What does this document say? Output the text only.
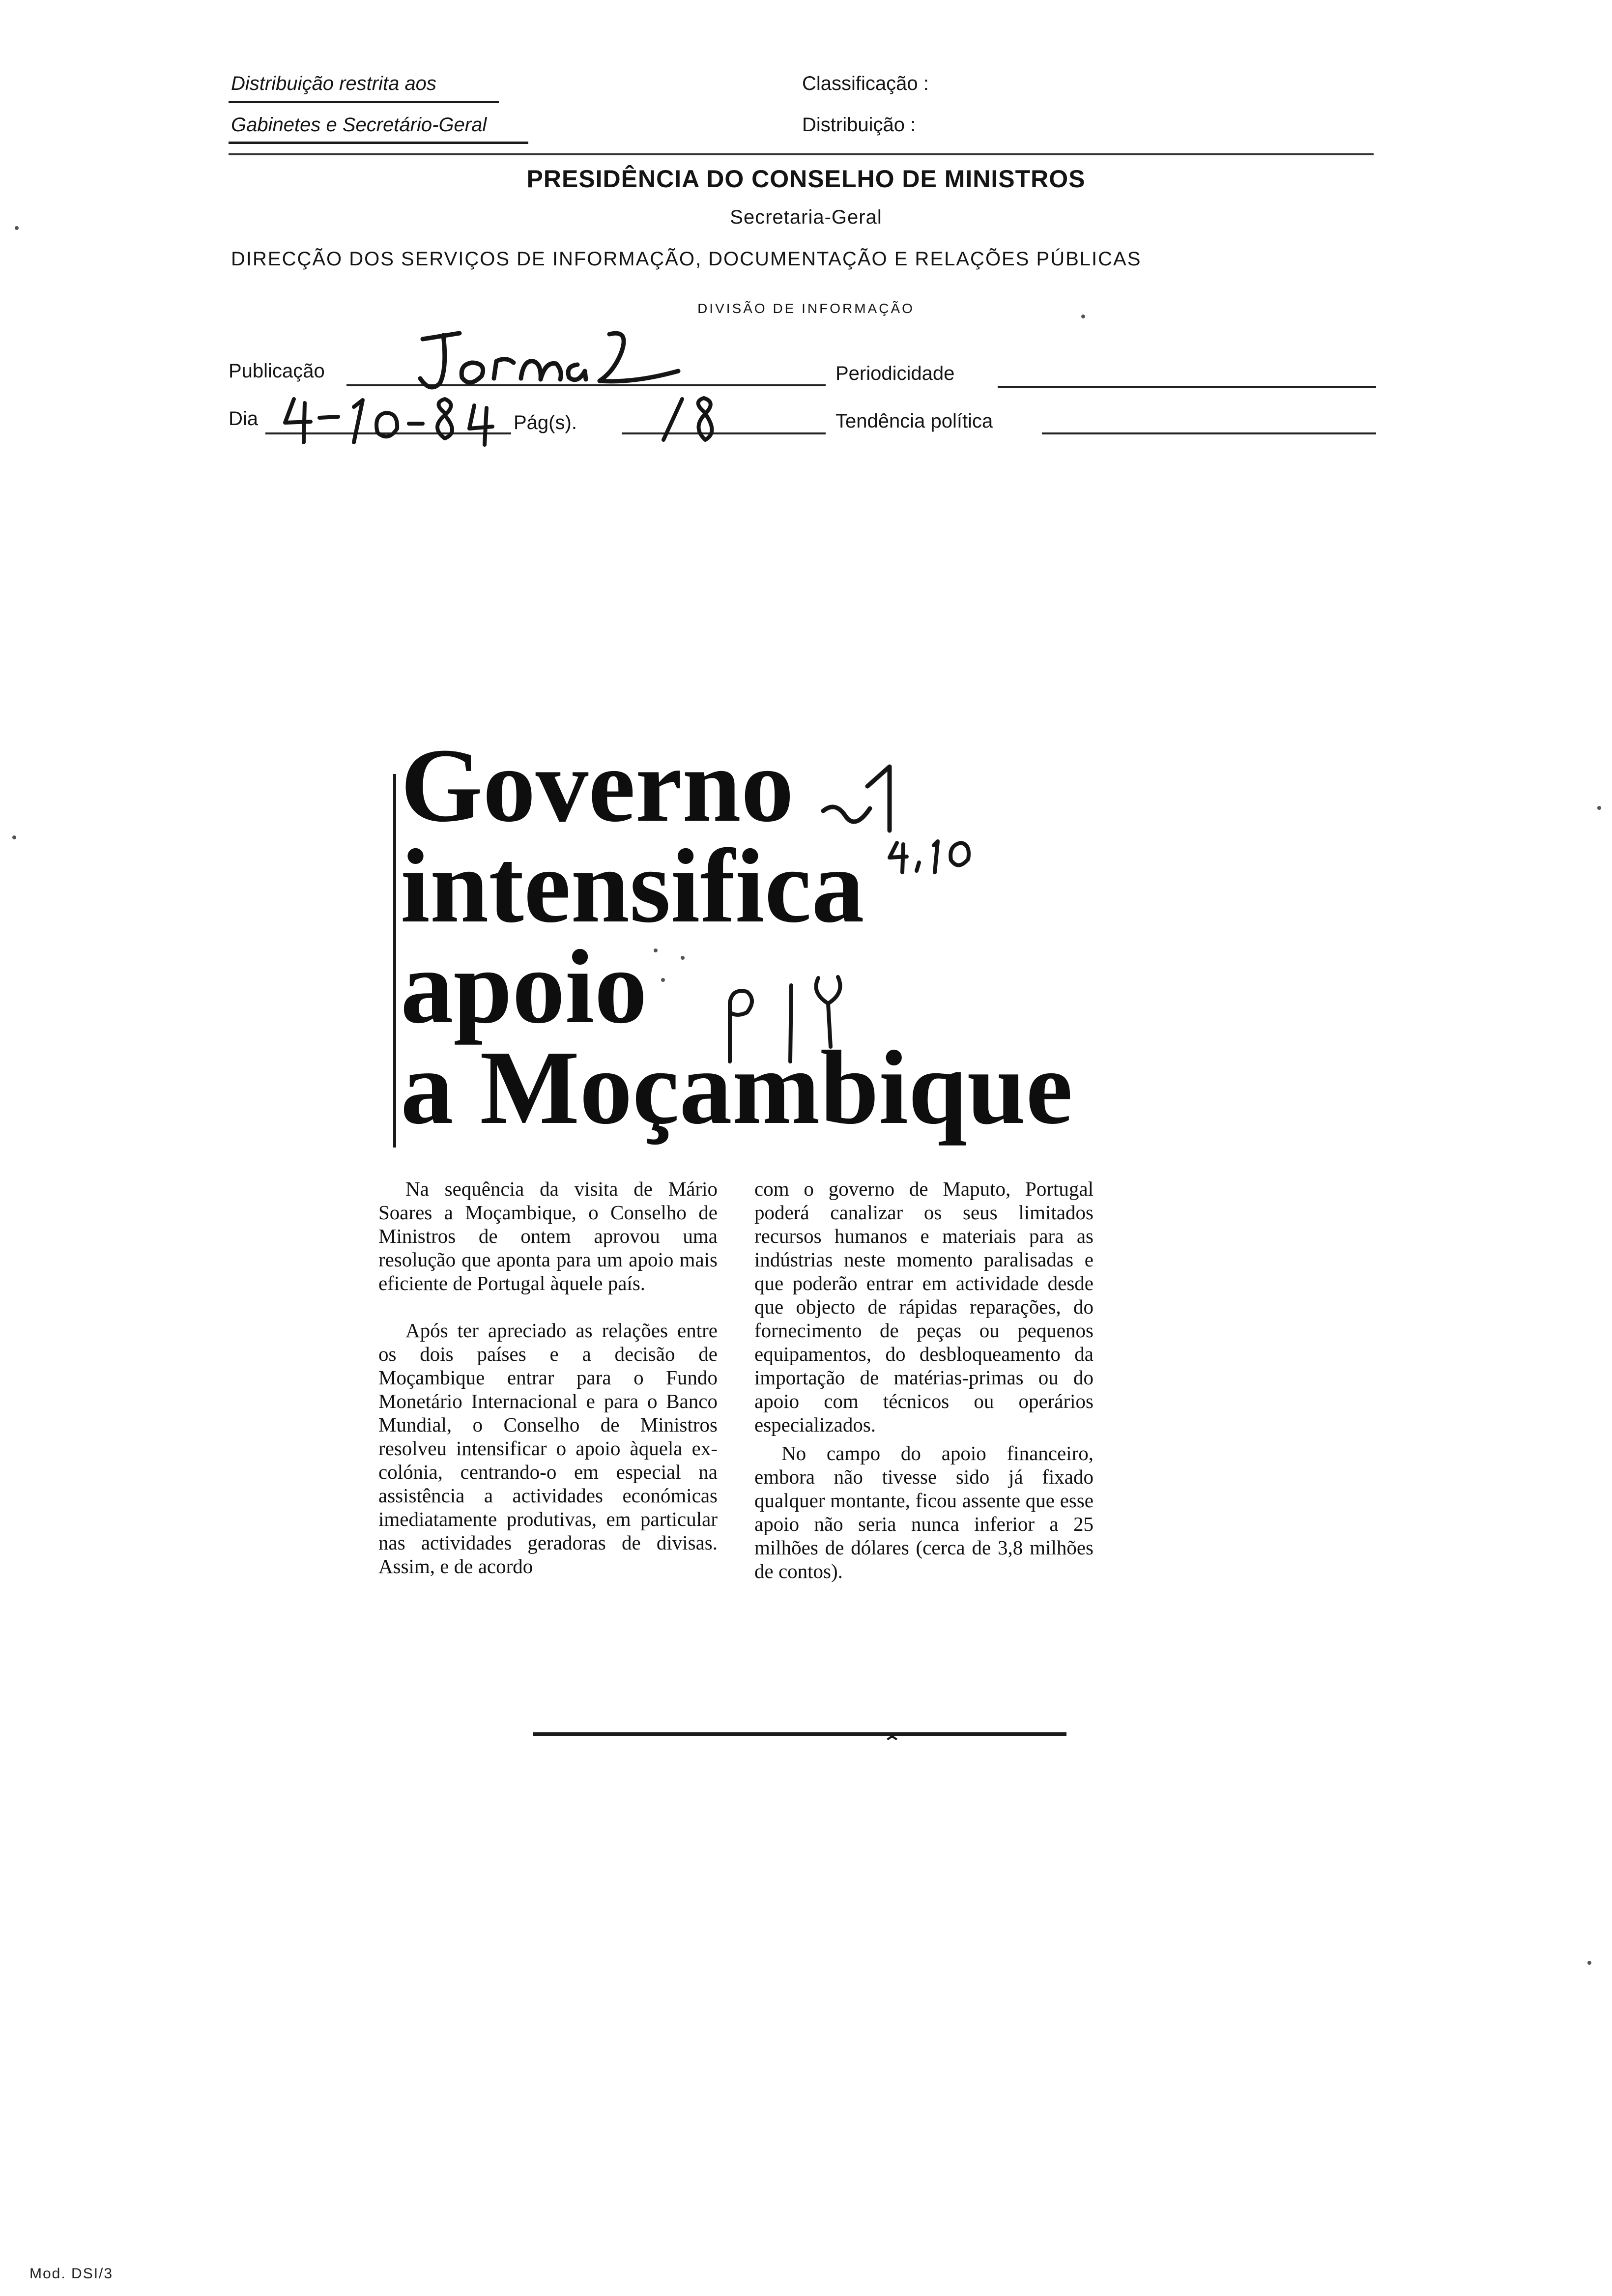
Distribuição restrita aos
Gabinetes e Secretário-Geral
Classificação :
Distribuição :
PRESIDÊNCIA DO CONSELHO DE MINISTROS
Secretaria-Geral
DIRECÇÃO DOS SERVIÇOS DE INFORMAÇÃO, DOCUMENTAÇÃO E RELAÇÕES PÚBLICAS
DIVISÃO DE INFORMAÇÃO
Publicação
Dia	Pág(s).
Periodicidade
Tendência política
Governo
intensifica
apoio
a Moçambique

Na sequência da visita de Mário Soares a Moçambique, o Conselho de Ministros de ontem aprovou uma resolução que aponta para um apoio mais eficiente de Portugal àquele país.

Após ter apreciado as relações entre os dois países e a decisão de Moçambique entrar para o Fundo Monetário Internacional e para o Banco Mundial, o Conselho de Ministros resolveu intensificar o apoio àquela ex-colónia, centrando-o em especial na assistência a actividades económicas imediatamente produtivas, em particular nas actividades geradoras de divisas. Assim, e de acordo

com o governo de Maputo, Portugal poderá canalizar os seus limitados recursos humanos e materiais para as indústrias neste momento paralisadas e que poderão entrar em actividade desde que objecto de rápidas reparações, do fornecimento de peças ou pequenos equipamentos, do desbloqueamento da importação de matérias-primas ou do apoio com técnicos ou operários especializados.

No campo do apoio financeiro, embora não tivesse sido já fixado qualquer montante, ficou assente que esse apoio não seria nunca inferior a 25 milhões de dólares (cerca de 3,8 milhões de contos).

⌃
Mod. DSI/3
